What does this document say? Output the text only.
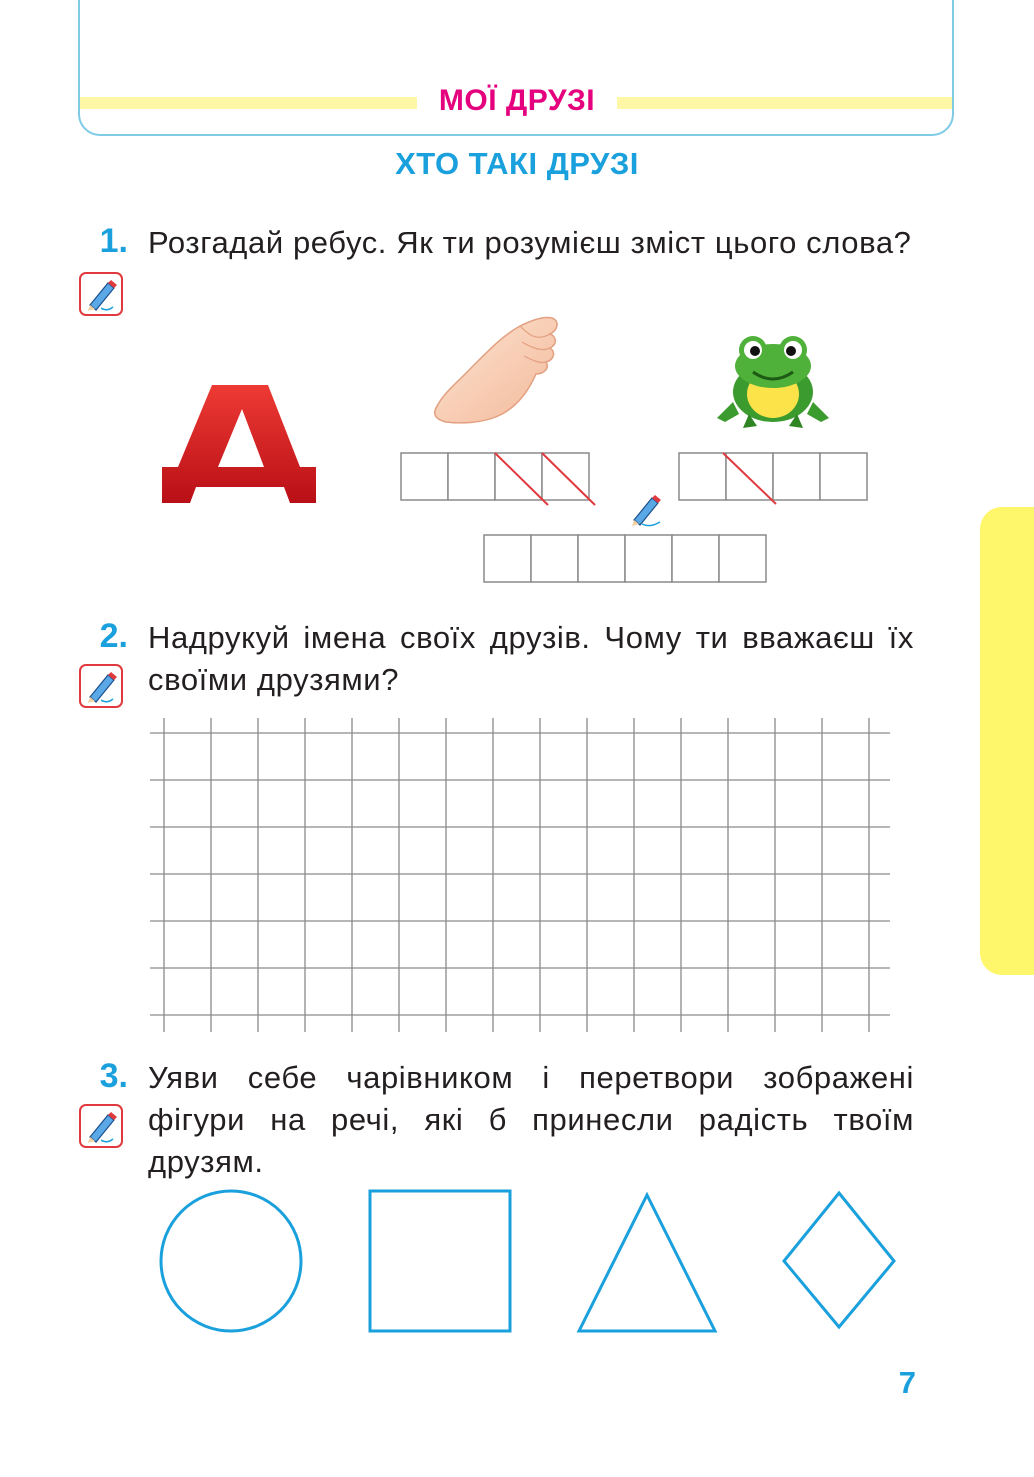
МОЇ ДРУЗІ
ХТО ТАКІ ДРУЗІ
1. Розгадай ребус. Як ти розумієш зміст цього слова?
Д
2. Надрукуй імена своїх друзів. Чому ти вважаєш їх своїми друзями?
3. Уяви себе чарівником і перетвори зображені фігури на речі, які б принесли радість твоїм друзям.
7
